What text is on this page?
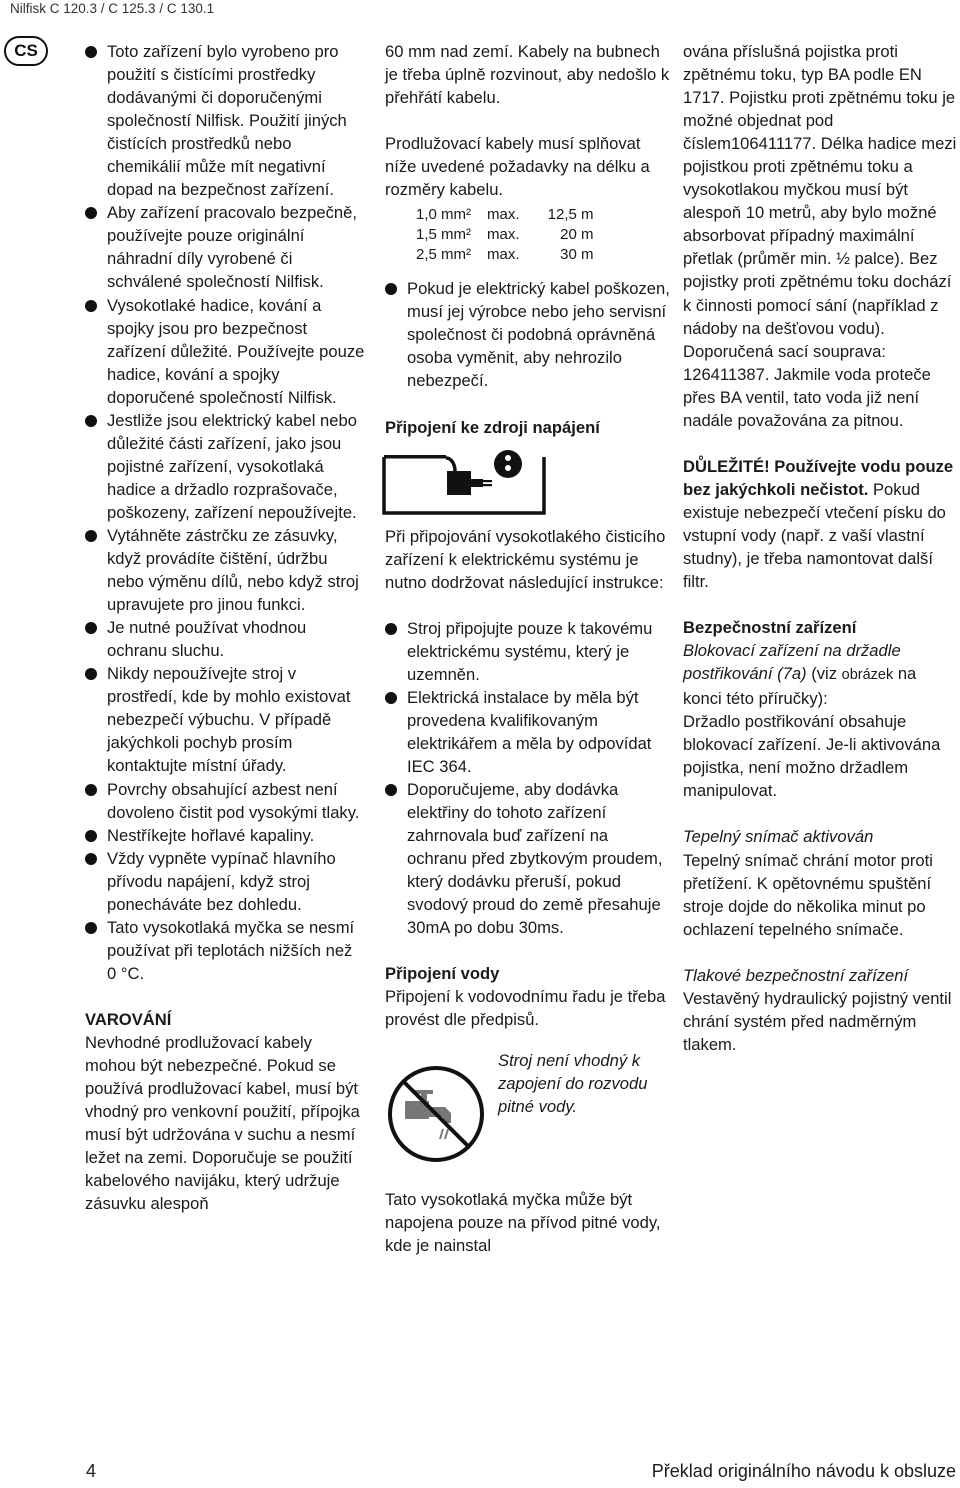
Nilfisk C 120.3 / C 125.3 / C 130.1
CS	Toto zařízení bylo vyrobeno pro použití s čistícími prostředky dodávanými či doporučenými společností Nilfisk. Použití jiných čistících prostředků nebo chemikálií může mít negativní dopad na bezpečnost zařízení.
Aby zařízení pracovalo bezpečně, používejte pouze originální náhradní díly vyrobené či schválené společností Nilfisk.
Vysokotlaké hadice, kování a spojky jsou pro bezpečnost zařízení důležité. Používejte pouze hadice, kování a spojky doporučené společností Nilfisk.
Jestliže jsou elektrický kabel nebo důležité části zařízení, jako jsou pojistné zařízení, vysokotlaká hadice a držadlo rozprašovače, poškozeny, zařízení nepoužívejte.
Vytáhněte zástrčku ze zásuvky, když provádíte čištění, údržbu nebo výměnu dílů, nebo když stroj upravujete pro jinou funkci.
Je nutné používat vhodnou ochranu sluchu.
Nikdy nepoužívejte stroj v prostředí, kde by mohlo existovat nebezpečí výbuchu. V případě jakýchkoli pochyb prosím kontaktujte místní úřady.
Povrchy obsahující azbest není dovoleno čistit pod vysokými tlaky.
Nestříkejte hořlavé kapaliny.
Vždy vypněte vypínač hlavního přívodu napájení, když stroj ponecháváte bez dohledu.
Tato vysokotlaká myčka se nesmí používat při teplotách nižších než 0 °C.
VAROVÁNÍ
Nevhodné prodlužovací kabely mohou být nebezpečné. Pokud se používá prodlužovací kabel, musí být vhodný pro venkovní použití, přípojka musí být udržována v suchu a nesmí ležet na zemi. Doporučuje se použití kabelového navijáku, který udržuje zásuvku alespoň
60 mm nad zemí. Kabely na bubnech je třeba úplně rozvinout, aby nedošlo k přehřátí kabelu.
Prodlužovací kabely musí splňovat níže uvedené požadavky na délku a rozměry kabelu.
1,0 mm²	max.	12,5 m
1,5 mm²	max.	20 m
2,5 mm²	max.	30 m
Pokud je elektrický kabel poškozen, musí jej výrobce nebo jeho servisní společnost či podobná oprávněná osoba vyměnit, aby nehrozilo nebezpečí.
Připojení ke zdroji napájení
Při připojování vysokotlakého čisticího zařízení k elektrickému systému je nutno dodržovat následující instrukce:
Stroj připojujte pouze k takovému elektrickému systému, který je uzemněn.
Elektrická instalace by měla být provedena kvalifikovaným elektrikářem a měla by odpovídat IEC 364.
Doporučujeme, aby dodávka elektřiny do tohoto zařízení zahrnovala buď zařízení na ochranu před zbytkovým proudem, který dodávku přeruší, pokud svodový proud do země přesahuje 30mA po dobu 30ms.
Připojení vody
Připojení k vodovodnímu řadu je třeba provést dle předpisů.
Stroj není vhodný k zapojení do rozvodu pitné vody.
Tato vysokotlaká myčka může být napojena pouze na přívod pitné vody, kde je nainstal
ována příslušná pojistka proti zpětnému toku, typ BA podle EN 1717. Pojistku proti zpětnému toku je možné objednat pod číslem106411177. Délka hadice mezi pojistkou proti zpětnému toku a vysokotlakou myčkou musí být alespoň 10 metrů, aby bylo možné absorbovat případný maximální přetlak (průměr min. ½ palce). Bez pojistky proti zpětnému toku dochází k činnosti pomocí sání (například z nádoby na dešťovou vodu). Doporučená sací souprava: 126411387. Jakmile voda proteče přes BA ventil, tato voda již není nadále považována za pitnou.
DŮLEŽITÉ! Používejte vodu pouze bez jakýchkoli nečistot. Pokud existuje nebezpečí vtečení písku do vstupní vody (např. z vaší vlastní studny), je třeba namontovat další filtr.
Bezpečnostní zařízení
Blokovací zařízení na držadle postřikování (7a) (viz obrázek na konci této příručky):
Držadlo postřikování obsahuje blokovací zařízení. Je-li aktivována pojistka, není možno držadlem manipulovat.
Tepelný snímač aktivován
Tepelný snímač chrání motor proti přetížení. K opětovnému spuštění stroje dojde do několika minut po ochlazení tepelného snímače.
Tlakové bezpečnostní zařízení
Vestavěný hydraulický pojistný ventil chrání systém před nadměrným tlakem.
4	Překlad originálního návodu k obsluze
